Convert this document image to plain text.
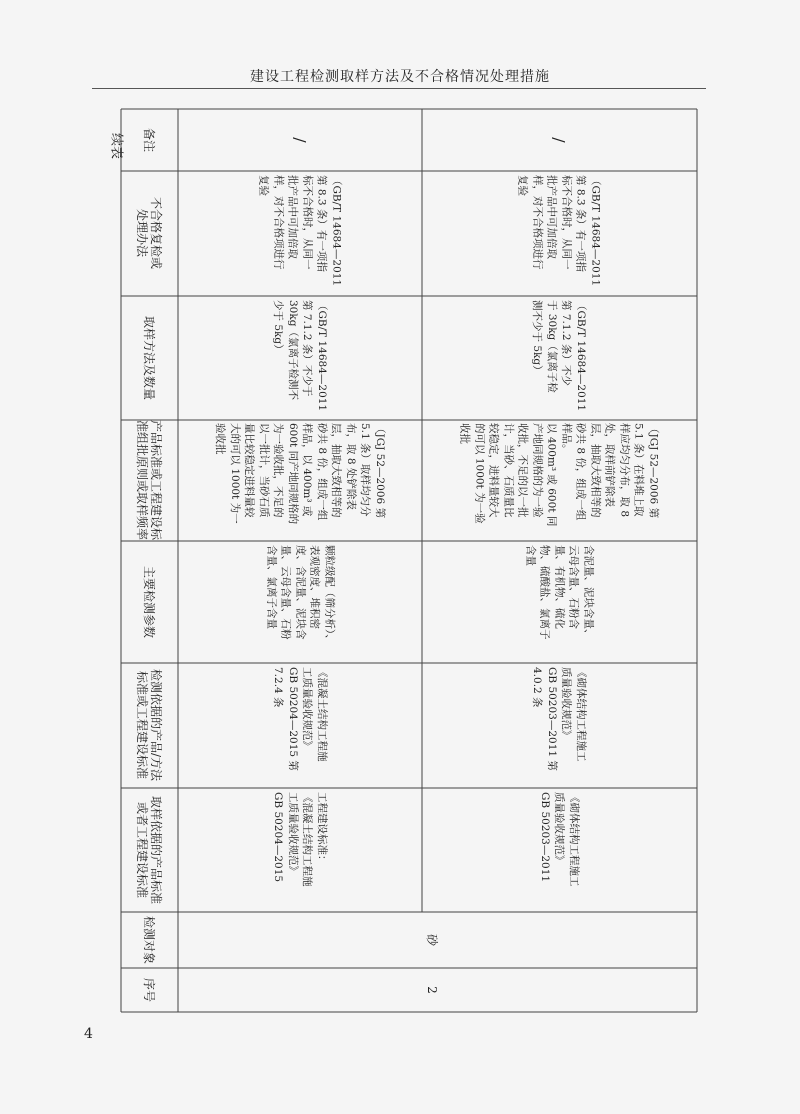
建设工程检测取样方法及不合格情况处理措施
续表
序号
检测对象
取样依据的产品标准
或者工程建设标准
检测依据的产品/方法
标准或工程建设标准
主要检测参数
产品标准或工程建设标
准组批原则或取样频率
取样方法及数量
不合格复检或
处理办法
备注
2
砂
工程建设标准：
《混凝土结构工程施
工质量验收规范》
GB 50204—2015
《混凝土结构工程施
工质量验收规范》
GB 50204—2015 第
7.2.4 条
颗粒级配（筛分析）、
表观密度、堆积密
度、含泥量、泥块含
量、云母含量、石粉
含量、氯离子含量
（JGJ 52—2006 第
5.1 条）取样均匀分
布，取 8 处铲除表
层，抽取大致相等的
砂共 8 份，组成一组
样品，以 400m³ 或
600t 同产地同规格的
为一验收批，不足的
以一批计，当砂石质
量比较稳定进料量较
大的可以 1000t 为一
验收批
（GB/T 14684—2011
第 7.1.2 条）不少于
30kg（氯离子检测不
少于 5kg）
（GB/T 14684—2011
第 8.3 条）有一项指
标不合格时，从同一
批产品中可加倍取
样，对不合格项进行
复验
/
《砌体结构工程施工
质量验收规范》
GB 50203—2011
《砌体结构工程施工
质量验收规范》
GB 50203—2011 第
4.0.2 条
含泥量、泥块含量、
云母含量、石粉含
量、有机物、硫化
物、硫酸盐、氯离子
含量
（JGJ 52—2006 第
5.1 条）在料堆上取
样应均匀分布，取 8
处，取样前铲除表
层，抽取大致相等的
砂共 8 份，组成一组
样品。
以 400m³ 或 600t 同
产地同规格的为一验
收批，不足的以一批
计，当砂、石质量比
较稳定，进料量较大
的可以 1000t 为一验
收批
（GB/T 14684—2011
第 7.1.2 条）不少
于 30kg（氯离子检
测不少于 5kg）
（GB/T 14684—2011
第 8.3 条）有一项指
标不合格时，从同一
批产品中可加倍取
样，对不合格项进行
复验
/
4
